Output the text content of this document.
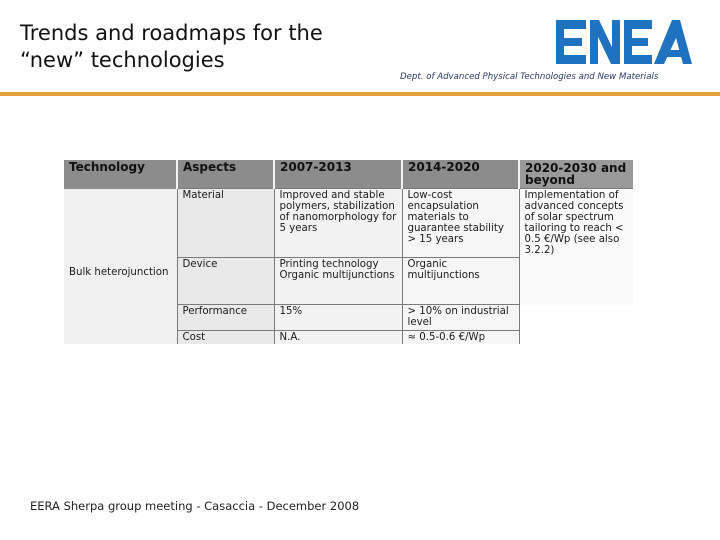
Trends and roadmaps for the
“new” technologies
Dept. of Advanced Physical Technologies and New Materials
Technology	Aspects	2007-2013	2014-2020	2020-2030 and beyond
Bulk heterojunction	Material	Improved and stable polymers, stabilization of nanomorphology for 5 years	Low-cost encapsulation materials to guarantee stability > 15 years	Implementation of advanced concepts of solar spectrum tailoring to reach < 0.5 €/Wp (see also 3.2.2)
	Device	Printing technology Organic multijunctions	Organic multijunctions	
	Performance	15%	> 10% on industrial level	
	Cost	N.A.	≈ 0.5-0.6 €/Wp	
EERA Sherpa group meeting - Casaccia - December 2008
